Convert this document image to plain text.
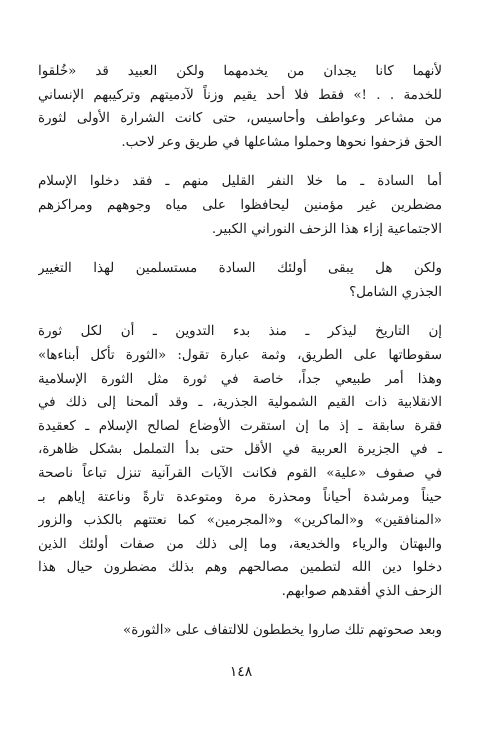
لأنهما كانا يجدان من يخدمهما ولكن العبيد قد «خُلقوا
للخدمة . . !» فقط فلا أحد يقيم وزناً لآدميتهم وتركيبهم الإنساني
من مشاعر وعواطف وأحاسيس، حتى كانت الشرارة الأولى لثورة
الحق فزحفوا نحوها وحملوا مشاعلها في طريق وعر لاحب.
أما السادة ـ ما خلا النفر القليل منهم ـ فقد دخلوا الإسلام
مضطرين غير مؤمنين ليحافظوا على مياه وجوههم ومراكزهم
الاجتماعية إزاء هذا الزحف النوراني الكبير.
ولكن هل يبقى أولئك السادة مستسلمين لهذا التغيير
الجذري الشامل؟
إن التاريخ ليذكر ـ منذ بدء التدوين ـ أن لكل ثورة
سقوطاتها على الطريق، وثمة عبارة تقول: «الثورة تأكل أبناءها»
وهذا أمر طبيعي جداً، خاصة في ثورة مثل الثورة الإسلامية
الانقلابية ذات القيم الشمولية الجذرية، ـ وقد ألمحنا إلى ذلك في
فقرة سابقة ـ إذ ما إن استقرت الأوضاع لصالح الإسلام ـ كعقيدة
ـ في الجزيرة العربية في الأقل حتى بدأ التململ بشكل ظاهرة،
في صفوف «علية» القوم فكانت الآيات القرآنية تنزل تباعاً ناصحة
حيناً ومرشدة أحياناً ومحذرة مرة ومتوعدة تارةً وناعتة إياهم بـ
«المنافقين» و«الماكرين» و«المجرمين» كما نعتتهم بالكذب والزور
والبهتان والرياء والخديعة، وما إلى ذلك من صفات أولئك الذين
دخلوا دين الله لتطمين مصالحهم وهم بذلك مضطرون حيال هذا
الزحف الذي أفقدهم صوابهم.
وبعد صحوتهم تلك صاروا يخططون للالتفاف على «الثورة»
١٤٨
